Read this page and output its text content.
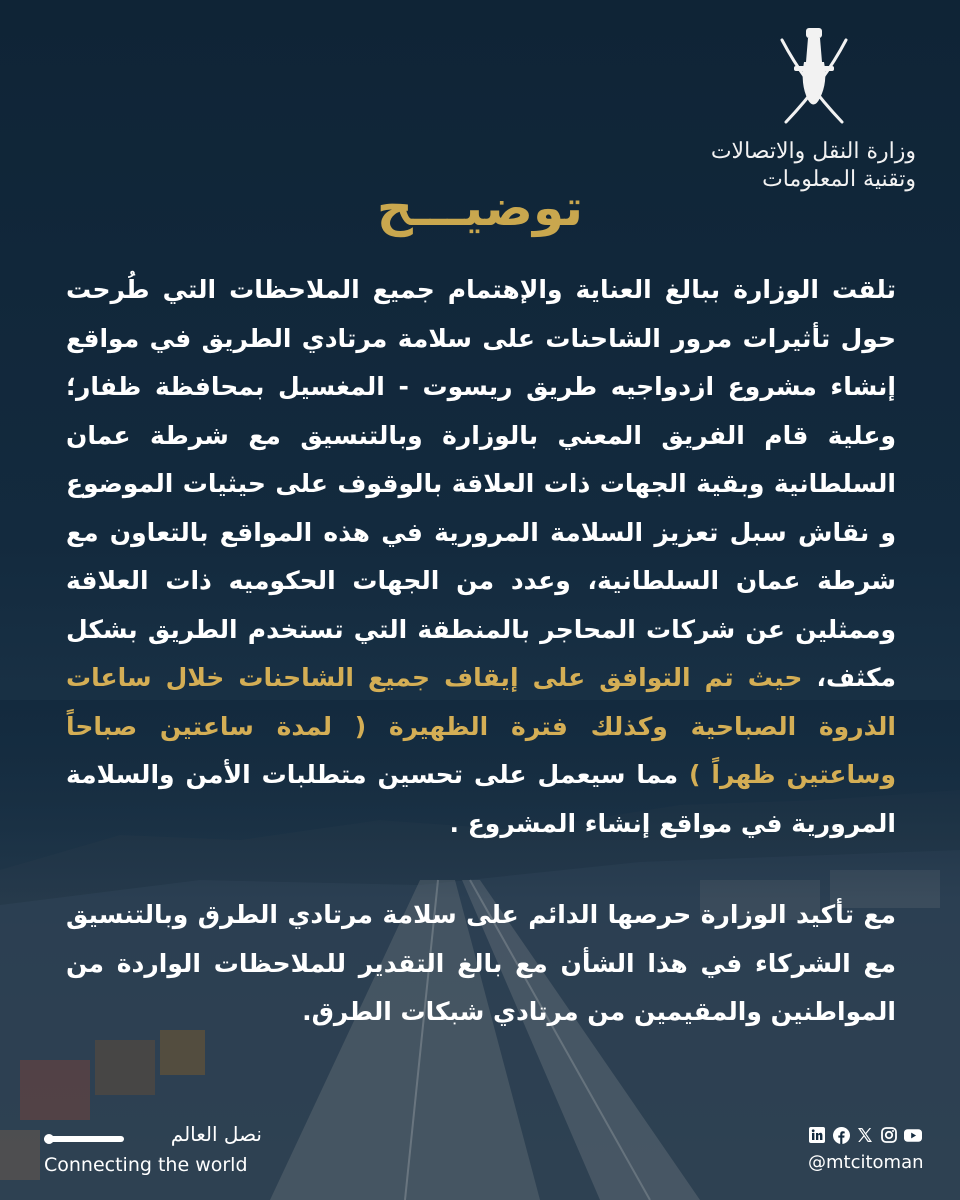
وزارة النقل والاتصالات
وتقنية المعلومات
توضيـــح
تلقت الوزارة ببالغ العناية والإهتمام جميع الملاحظات التي طُرحت حول تأثيرات مرور الشاحنات على سلامة مرتادي الطريق في مواقع إنشاء مشروع ازدواجيه طريق ريسوت - المغسيل بمحافظة ظفار؛ وعلية قام الفريق المعني بالوزارة وبالتنسيق مع شرطة عمان السلطانية وبقية الجهات ذات العلاقة بالوقوف على حيثيات الموضوع و نقاش سبل تعزيز السلامة المرورية في هذه المواقع بالتعاون مع شرطة عمان السلطانية، وعدد من الجهات الحكوميه ذات العلاقة وممثلين عن شركات المحاجر بالمنطقة التي تستخدم الطريق بشكل مكثف، حيث تم التوافق على إيقاف جميع الشاحنات خلال ساعات الذروة الصباحية وكذلك فترة الظهيرة ( لمدة ساعتين صباحاً وساعتين ظهراً ) مما سيعمل على تحسين متطلبات الأمن والسلامة المرورية في مواقع إنشاء المشروع .
مع تأكيد الوزارة حرصها الدائم على سلامة مرتادي الطرق وبالتنسيق مع الشركاء في هذا الشأن مع بالغ التقدير للملاحظات الواردة من المواطنين والمقيمين من مرتادي شبكات الطرق.
نصل العالم
Connecting the world	@mtcitoman
